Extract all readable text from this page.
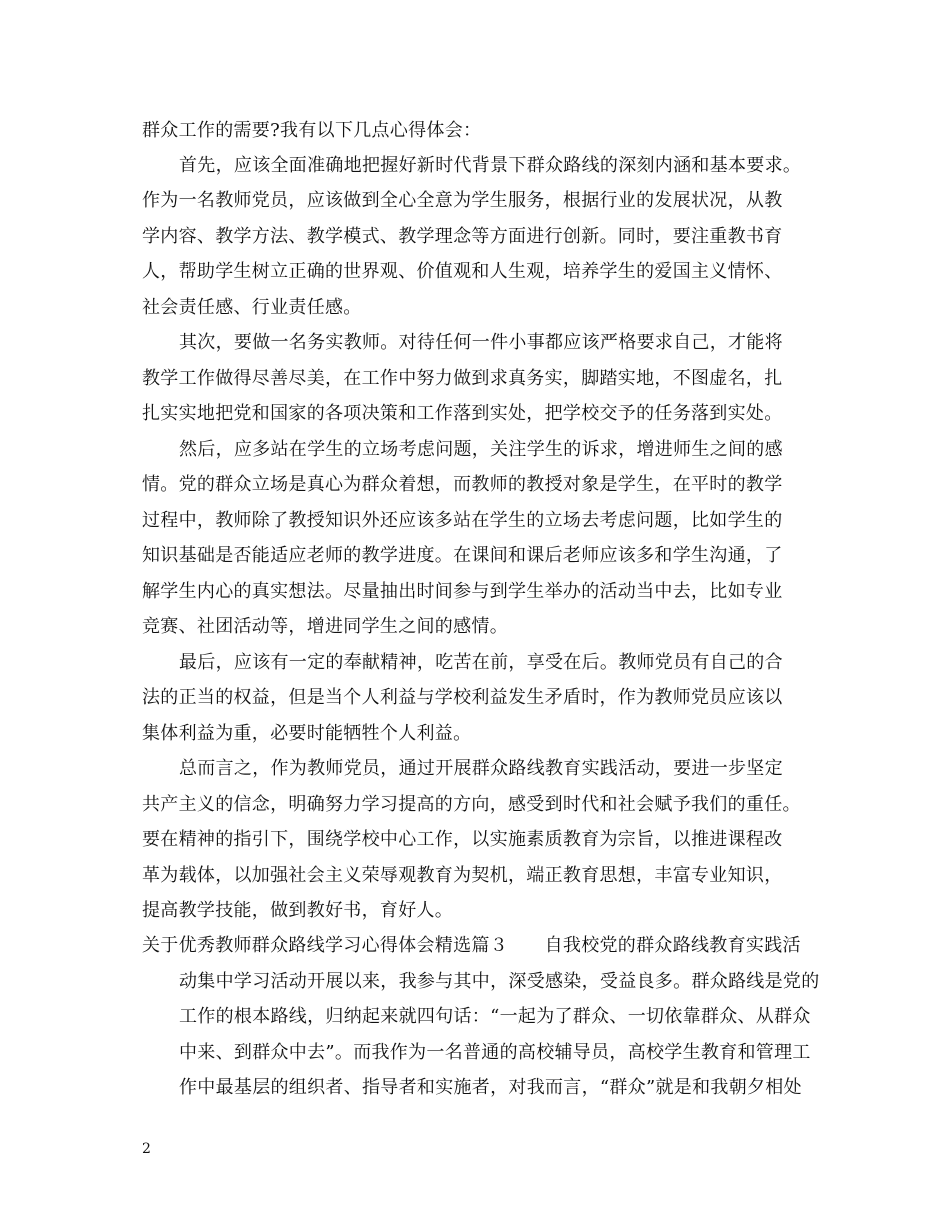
群众工作的需要?我有以下几点心得体会：
首先，应该全面准确地把握好新时代背景下群众路线的深刻内涵和基本要求。
作为一名教师党员，应该做到全心全意为学生服务，根据行业的发展状况，从教
学内容、教学方法、教学模式、教学理念等方面进行创新。同时，要注重教书育
人，帮助学生树立正确的世界观、价值观和人生观，培养学生的爱国主义情怀、
社会责任感、行业责任感。
其次，要做一名务实教师。对待任何一件小事都应该严格要求自己，才能将
教学工作做得尽善尽美，在工作中努力做到求真务实，脚踏实地，不图虚名，扎
扎实实地把党和国家的各项决策和工作落到实处，把学校交予的任务落到实处。
然后，应多站在学生的立场考虑问题，关注学生的诉求，增进师生之间的感
情。党的群众立场是真心为群众着想，而教师的教授对象是学生，在平时的教学
过程中，教师除了教授知识外还应该多站在学生的立场去考虑问题，比如学生的
知识基础是否能适应老师的教学进度。在课间和课后老师应该多和学生沟通，了
解学生内心的真实想法。尽量抽出时间参与到学生举办的活动当中去，比如专业
竞赛、社团活动等，增进同学生之间的感情。
最后，应该有一定的奉献精神，吃苦在前，享受在后。教师党员有自己的合
法的正当的权益，但是当个人利益与学校利益发生矛盾时，作为教师党员应该以
集体利益为重，必要时能牺牲个人利益。
总而言之，作为教师党员，通过开展群众路线教育实践活动，要进一步坚定
共产主义的信念，明确努力学习提高的方向，感受到时代和社会赋予我们的重任。
要在精神的指引下，围绕学校中心工作，以实施素质教育为宗旨，以推进课程改
革为载体，以加强社会主义荣辱观教育为契机，端正教育思想，丰富专业知识，
提高教学技能，做到教好书，育好人。
关于优秀教师群众路线学习心得体会精选篇３　　自我校党的群众路线教育实践活
动集中学习活动开展以来，我参与其中，深受感染，受益良多。群众路线是党的
工作的根本路线，归纳起来就四句话：“一起为了群众、一切依靠群众、从群众
中来、到群众中去”。而我作为一名普通的高校辅导员，高校学生教育和管理工
作中最基层的组织者、指导者和实施者，对我而言，“群众”就是和我朝夕相处
2
